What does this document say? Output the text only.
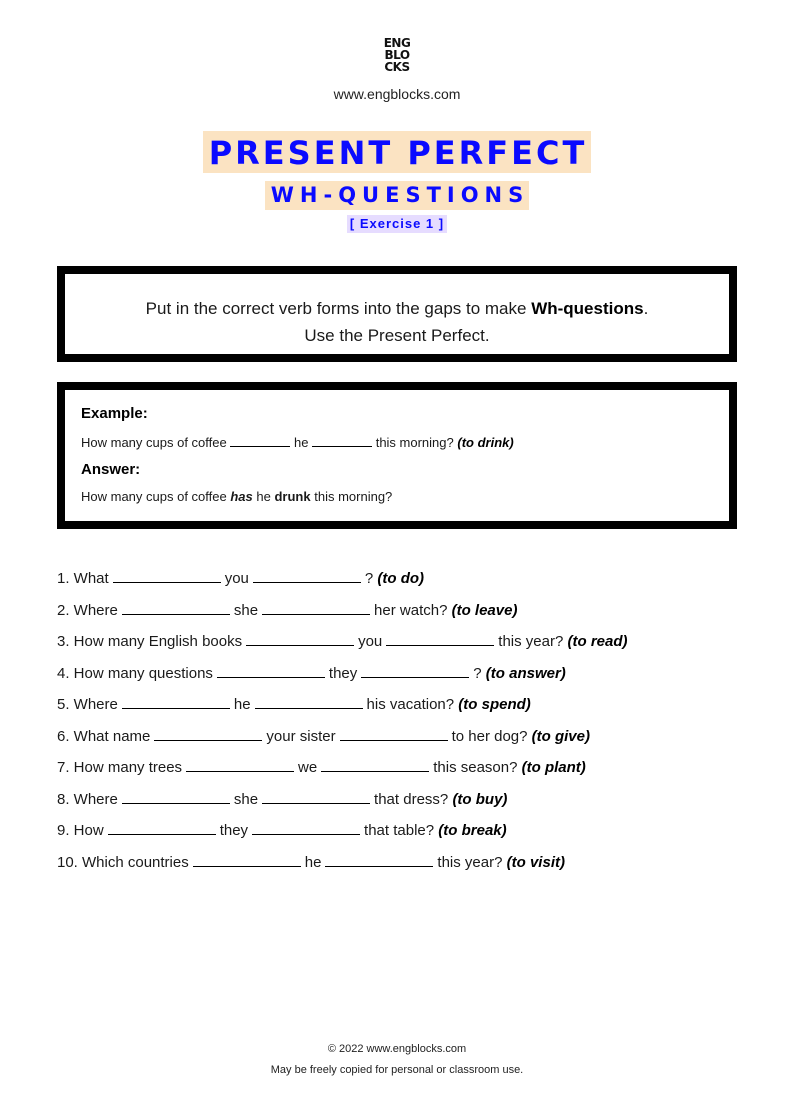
ENG
BLO
CKS
www.engblocks.com
PRESENT PERFECT
WH-QUESTIONS
[ Exercise 1 ]
Put in the correct verb forms into the gaps to make Wh-questions.
Use the Present Perfect.
Example:
How many cups of coffee	he	this morning? (to drink)
Answer:
How many cups of coffee has he drunk this morning?
1. What	you	? (to do)
2. Where	she	her watch? (to leave)
3. How many English books	you	this year? (to read)
4. How many questions	they	? (to answer)
5. Where	he	his vacation? (to spend)
6. What name	your sister	to her dog? (to give)
7. How many trees	we	this season? (to plant)
8. Where	she	that dress? (to buy)
9. How	they	that table? (to break)
10. Which countries	he	this year? (to visit)
© 2022 www.engblocks.com
May be freely copied for personal or classroom use.
